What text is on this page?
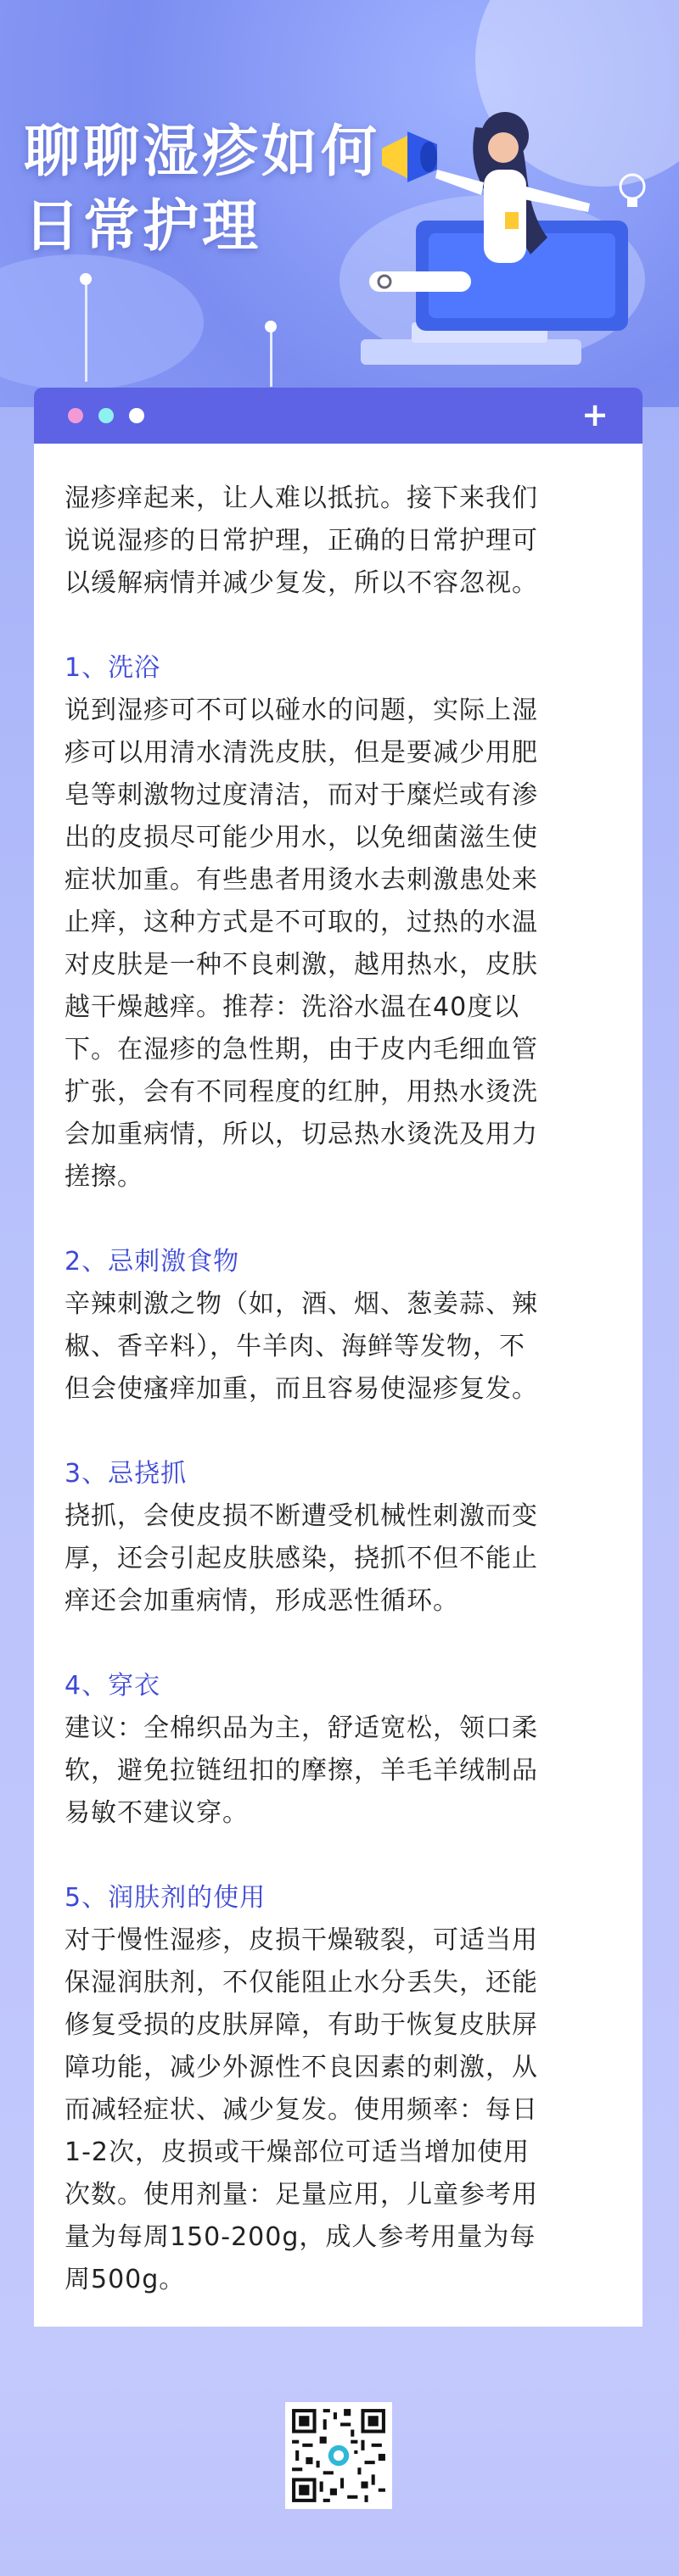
聊聊湿疹如何
日常护理
+

湿疹痒起来，让人难以抵抗。接下来我们
说说湿疹的日常护理，正确的日常护理可
以缓解病情并减少复发，所以不容忽视。

1、洗浴

说到湿疹可不可以碰水的问题，实际上湿
疹可以用清水清洗皮肤，但是要减少用肥
皂等刺激物过度清洁，而对于糜烂或有渗
出的皮损尽可能少用水，以免细菌滋生使
症状加重。有些患者用烫水去刺激患处来
止痒，这种方式是不可取的，过热的水温
对皮肤是一种不良刺激，越用热水，皮肤
越干燥越痒。推荐：洗浴水温在40度以
下。在湿疹的急性期，由于皮内毛细血管
扩张，会有不同程度的红肿，用热水烫洗
会加重病情，所以，切忌热水烫洗及用力
搓擦。

2、忌刺激食物

辛辣刺激之物（如，酒、烟、葱姜蒜、辣
椒、香辛料），牛羊肉、海鲜等发物，不
但会使瘙痒加重，而且容易使湿疹复发。

3、忌挠抓

挠抓，会使皮损不断遭受机械性刺激而变
厚，还会引起皮肤感染，挠抓不但不能止
痒还会加重病情，形成恶性循环。

4、穿衣

建议：全棉织品为主，舒适宽松，领口柔
软，避免拉链纽扣的摩擦，羊毛羊绒制品
易敏不建议穿。

5、润肤剂的使用

对于慢性湿疹，皮损干燥皲裂，可适当用
保湿润肤剂，不仅能阻止水分丢失，还能
修复受损的皮肤屏障，有助于恢复皮肤屏
障功能，减少外源性不良因素的刺激，从
而减轻症状、减少复发。使用频率：每日
1-2次，皮损或干燥部位可适当增加使用
次数。使用剂量：足量应用，儿童参考用
量为每周150-200g，成人参考用量为每
周500g。
